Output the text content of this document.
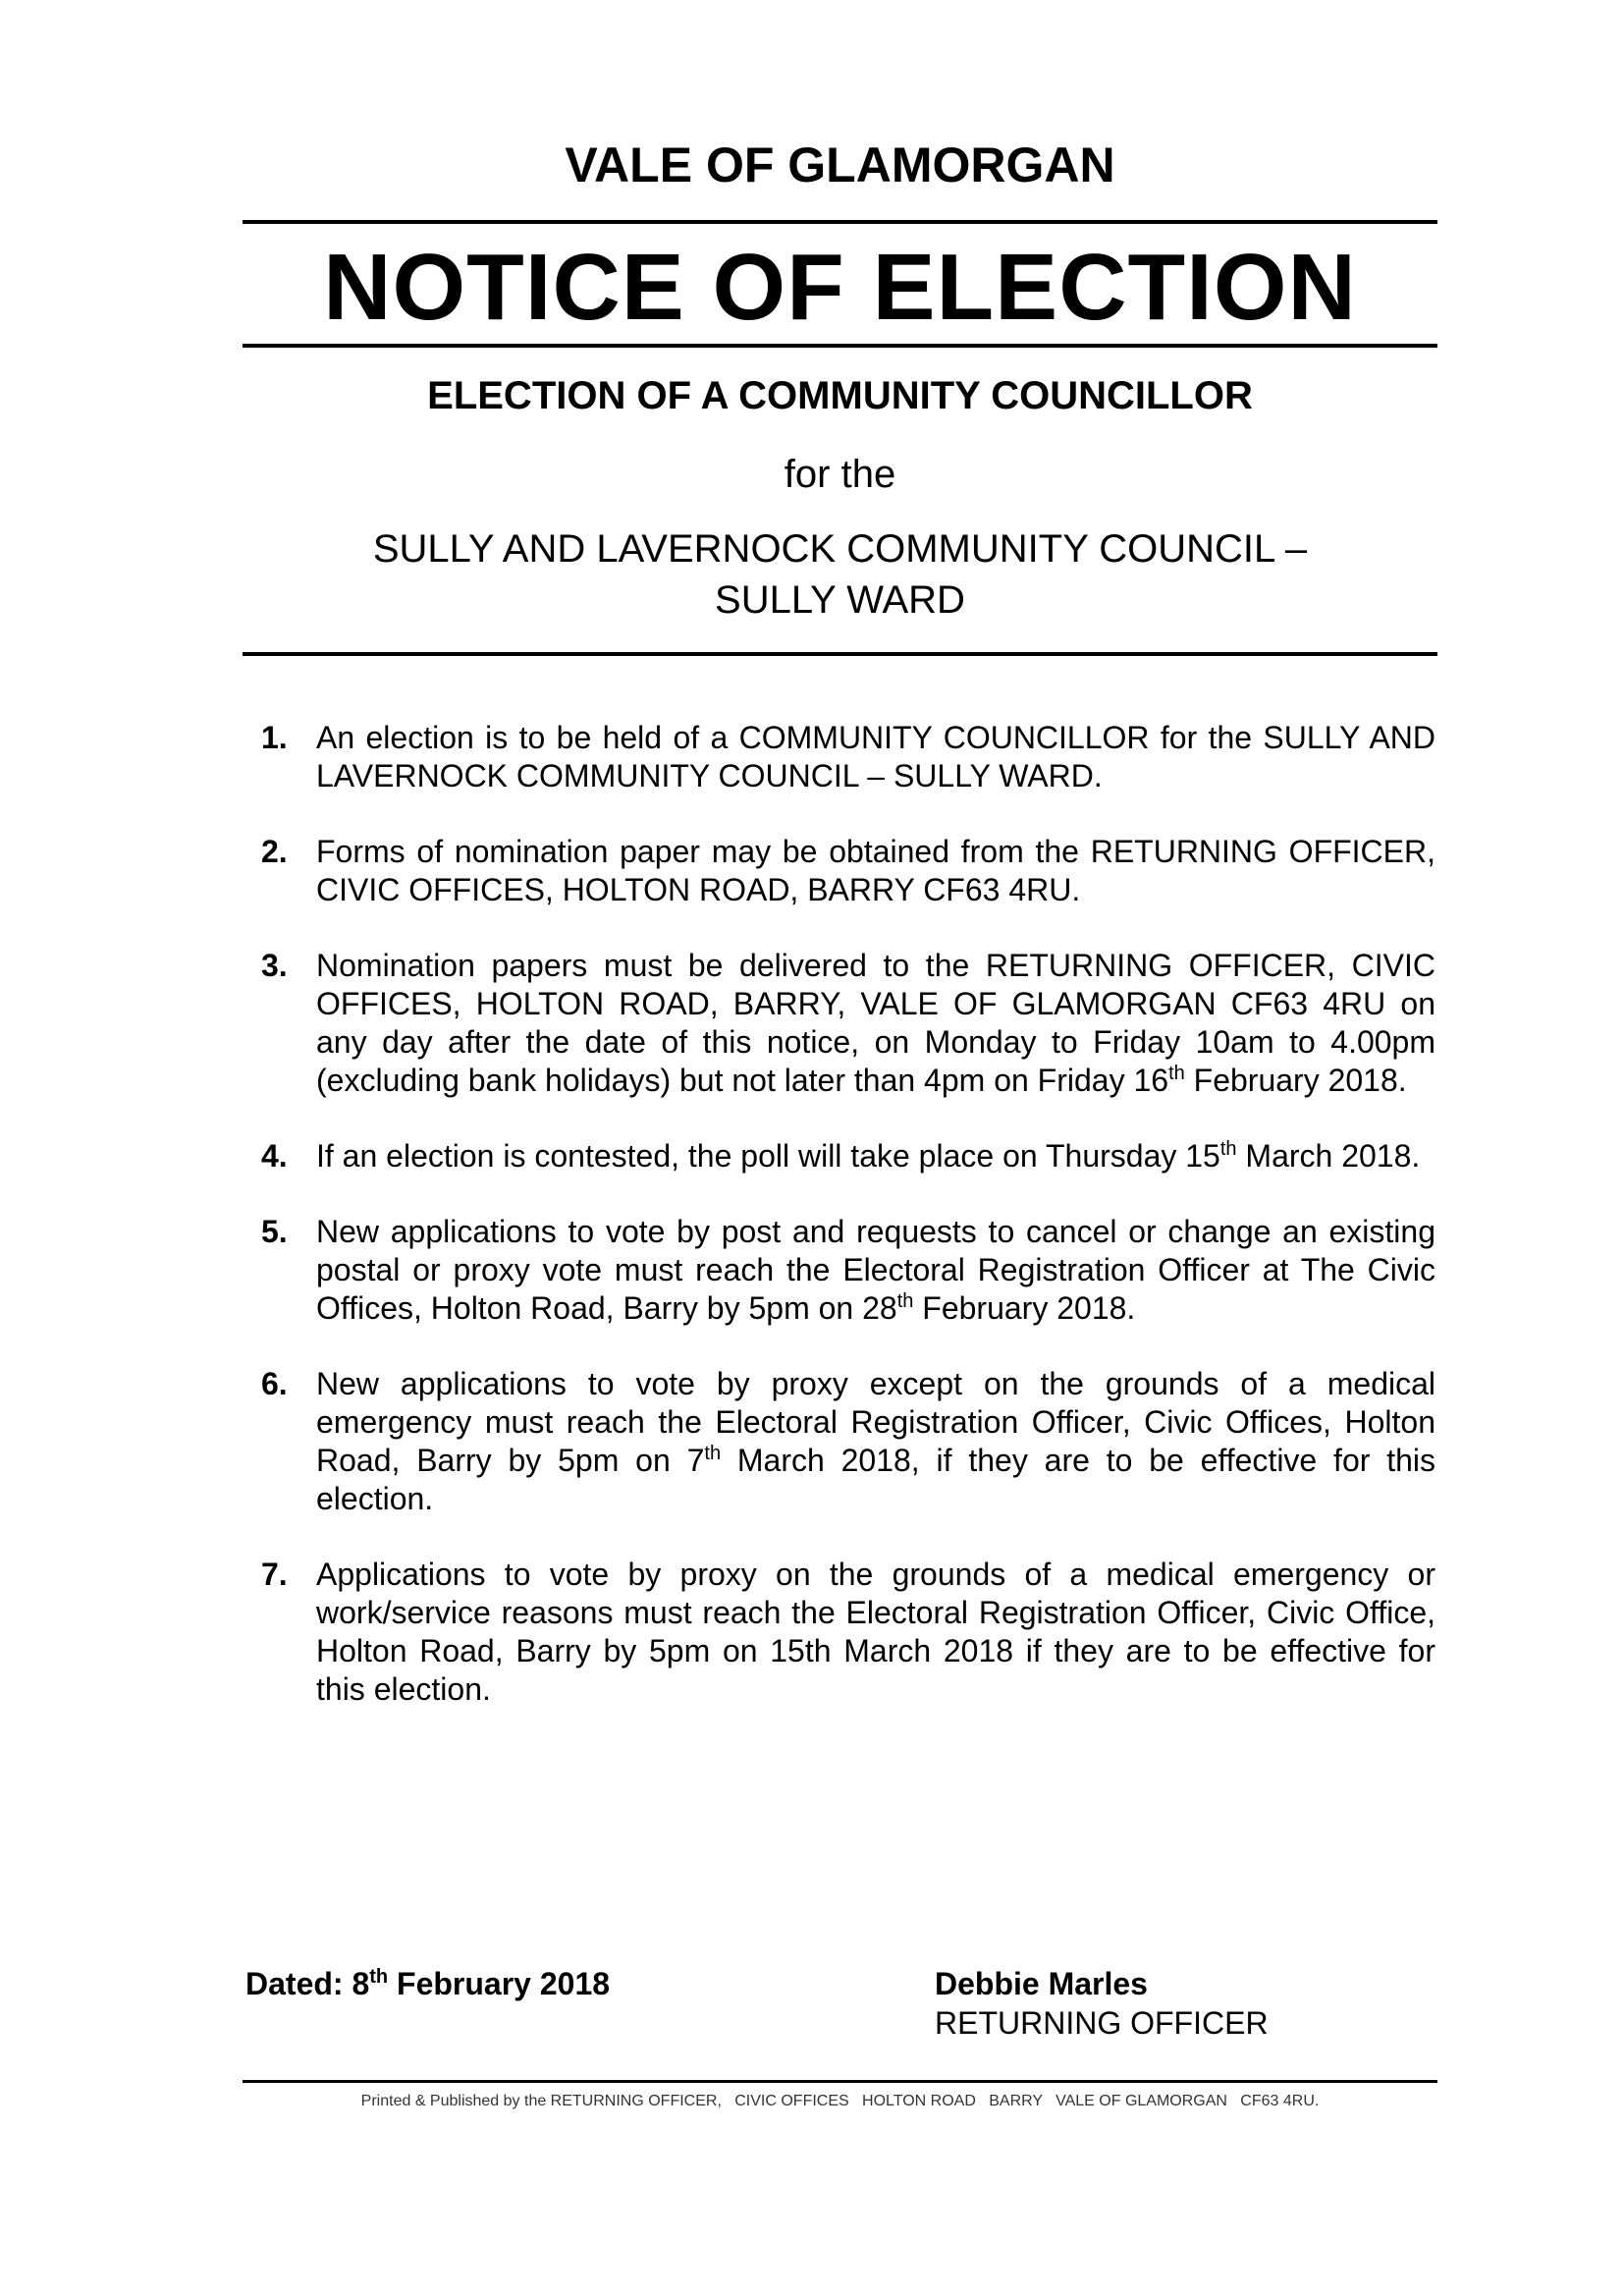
VALE OF GLAMORGAN
NOTICE OF ELECTION
ELECTION OF A COMMUNITY COUNCILLOR
for the
SULLY AND LAVERNOCK COMMUNITY COUNCIL –
SULLY WARD
1. An election is to be held of a COMMUNITY COUNCILLOR for the SULLY AND LAVERNOCK COMMUNITY COUNCIL – SULLY WARD.
2. Forms of nomination paper may be obtained from the RETURNING OFFICER, CIVIC OFFICES, HOLTON ROAD, BARRY CF63 4RU.
3. Nomination papers must be delivered to the RETURNING OFFICER, CIVIC OFFICES, HOLTON ROAD, BARRY, VALE OF GLAMORGAN CF63 4RU on any day after the date of this notice, on Monday to Friday 10am to 4.00pm (excluding bank holidays) but not later than 4pm on Friday 16th February 2018.
4. If an election is contested, the poll will take place on Thursday 15th March 2018.
5. New applications to vote by post and requests to cancel or change an existing postal or proxy vote must reach the Electoral Registration Officer at The Civic Offices, Holton Road, Barry by 5pm on 28th February 2018.
6. New applications to vote by proxy except on the grounds of a medical emergency must reach the Electoral Registration Officer, Civic Offices, Holton Road, Barry by 5pm on 7th March 2018, if they are to be effective for this election.
7. Applications to vote by proxy on the grounds of a medical emergency or work/service reasons must reach the Electoral Registration Officer, Civic Office, Holton Road, Barry by 5pm on 15th March 2018 if they are to be effective for this election.
Dated: 8th February 2018	Debbie Marles
RETURNING OFFICER
Printed & Published by the RETURNING OFFICER,   CIVIC OFFICES   HOLTON ROAD   BARRY   VALE OF GLAMORGAN   CF63 4RU.
